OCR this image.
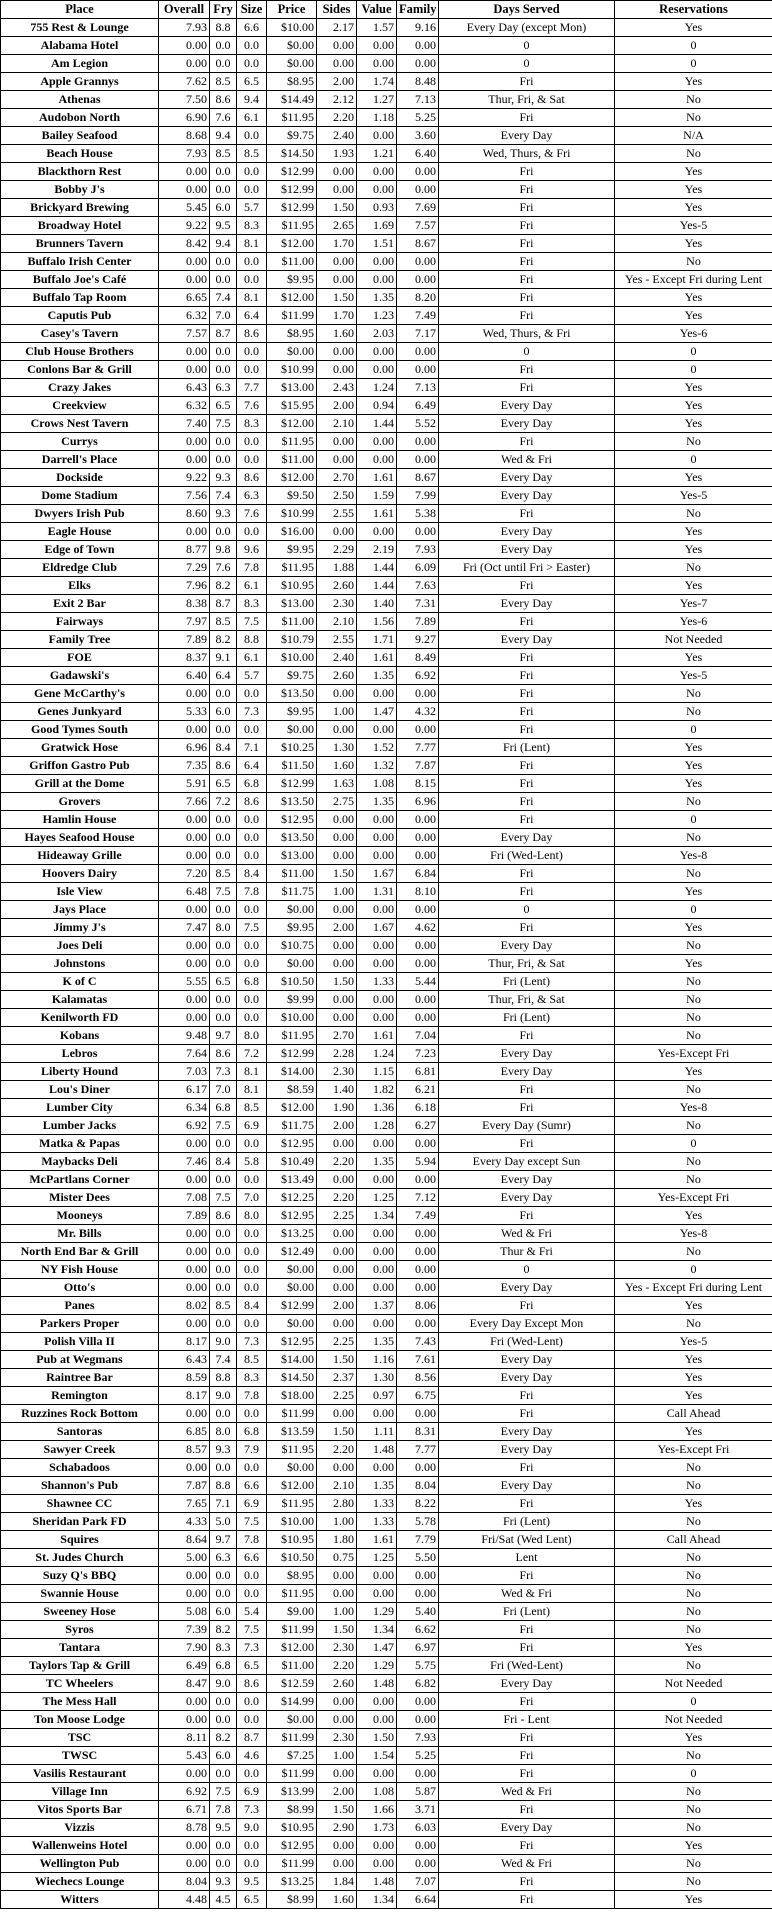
Place	Overall	Fry	Size	Price	Sides	Value	Family	Days Served	Reservations
755 Rest & Lounge	7.93	8.8	6.6	$10.00	2.17	1.57	9.16	Every Day (except Mon)	Yes
Alabama Hotel	0.00	0.0	0.0	$0.00	0.00	0.00	0.00	0	0
Am Legion	0.00	0.0	0.0	$0.00	0.00	0.00	0.00	0	0
Apple Grannys	7.62	8.5	6.5	$8.95	2.00	1.74	8.48	Fri	Yes
Athenas	7.50	8.6	9.4	$14.49	2.12	1.27	7.13	Thur, Fri, & Sat	No
Audobon North	6.90	7.6	6.1	$11.95	2.20	1.18	5.25	Fri	No
Bailey Seafood	8.68	9.4	0.0	$9.75	2.40	0.00	3.60	Every Day	N/A
Beach House	7.93	8.5	8.5	$14.50	1.93	1.21	6.40	Wed, Thurs, & Fri	No
Blackthorn Rest	0.00	0.0	0.0	$12.99	0.00	0.00	0.00	Fri	Yes
Bobby J's	0.00	0.0	0.0	$12.99	0.00	0.00	0.00	Fri	Yes
Brickyard Brewing	5.45	6.0	5.7	$12.99	1.50	0.93	7.69	Fri	Yes
Broadway Hotel	9.22	9.5	8.3	$11.95	2.65	1.69	7.57	Fri	Yes-5
Brunners Tavern	8.42	9.4	8.1	$12.00	1.70	1.51	8.67	Fri	Yes
Buffalo Irish Center	0.00	0.0	0.0	$11.00	0.00	0.00	0.00	Fri	No
Buffalo Joe's Café	0.00	0.0	0.0	$9.95	0.00	0.00	0.00	Fri	Yes - Except Fri during Lent
Buffalo Tap Room	6.65	7.4	8.1	$12.00	1.50	1.35	8.20	Fri	Yes
Caputis Pub	6.32	7.0	6.4	$11.99	1.70	1.23	7.49	Fri	Yes
Casey's Tavern	7.57	8.7	8.6	$8.95	1.60	2.03	7.17	Wed, Thurs, & Fri	Yes-6
Club House Brothers	0.00	0.0	0.0	$0.00	0.00	0.00	0.00	0	0
Conlons Bar & Grill	0.00	0.0	0.0	$10.99	0.00	0.00	0.00	Fri	0
Crazy Jakes	6.43	6.3	7.7	$13.00	2.43	1.24	7.13	Fri	Yes
Creekview	6.32	6.5	7.6	$15.95	2.00	0.94	6.49	Every Day	Yes
Crows Nest Tavern	7.40	7.5	8.3	$12.00	2.10	1.44	5.52	Every Day	Yes
Currys	0.00	0.0	0.0	$11.95	0.00	0.00	0.00	Fri	No
Darrell's Place	0.00	0.0	0.0	$11.00	0.00	0.00	0.00	Wed & Fri	0
Dockside	9.22	9.3	8.6	$12.00	2.70	1.61	8.67	Every Day	Yes
Dome Stadium	7.56	7.4	6.3	$9.50	2.50	1.59	7.99	Every Day	Yes-5
Dwyers Irish Pub	8.60	9.3	7.6	$10.99	2.55	1.61	5.38	Fri	No
Eagle House	0.00	0.0	0.0	$16.00	0.00	0.00	0.00	Every Day	Yes
Edge of Town	8.77	9.8	9.6	$9.95	2.29	2.19	7.93	Every Day	Yes
Eldredge Club	7.29	7.6	7.8	$11.95	1.88	1.44	6.09	Fri (Oct until Fri > Easter)	No
Elks	7.96	8.2	6.1	$10.95	2.60	1.44	7.63	Fri	Yes
Exit 2 Bar	8.38	8.7	8.3	$13.00	2.30	1.40	7.31	Every Day	Yes-7
Fairways	7.97	8.5	7.5	$11.00	2.10	1.56	7.89	Fri	Yes-6
Family Tree	7.89	8.2	8.8	$10.79	2.55	1.71	9.27	Every Day	Not Needed
FOE	8.37	9.1	6.1	$10.00	2.40	1.61	8.49	Fri	Yes
Gadawski's	6.40	6.4	5.7	$9.75	2.60	1.35	6.92	Fri	Yes-5
Gene McCarthy's	0.00	0.0	0.0	$13.50	0.00	0.00	0.00	Fri	No
Genes Junkyard	5.33	6.0	7.3	$9.95	1.00	1.47	4.32	Fri	No
Good Tymes South	0.00	0.0	0.0	$0.00	0.00	0.00	0.00	Fri	0
Gratwick Hose	6.96	8.4	7.1	$10.25	1.30	1.52	7.77	Fri (Lent)	Yes
Griffon Gastro Pub	7.35	8.6	6.4	$11.50	1.60	1.32	7.87	Fri	Yes
Grill at the Dome	5.91	6.5	6.8	$12.99	1.63	1.08	8.15	Fri	Yes
Grovers	7.66	7.2	8.6	$13.50	2.75	1.35	6.96	Fri	No
Hamlin House	0.00	0.0	0.0	$12.95	0.00	0.00	0.00	Fri	0
Hayes Seafood House	0.00	0.0	0.0	$13.50	0.00	0.00	0.00	Every Day	No
Hideaway Grille	0.00	0.0	0.0	$13.00	0.00	0.00	0.00	Fri (Wed-Lent)	Yes-8
Hoovers Dairy	7.20	8.5	8.4	$11.00	1.50	1.67	6.84	Fri	No
Isle View	6.48	7.5	7.8	$11.75	1.00	1.31	8.10	Fri	Yes
Jays Place	0.00	0.0	0.0	$0.00	0.00	0.00	0.00	0	0
Jimmy J's	7.47	8.0	7.5	$9.95	2.00	1.67	4.62	Fri	Yes
Joes Deli	0.00	0.0	0.0	$10.75	0.00	0.00	0.00	Every Day	No
Johnstons	0.00	0.0	0.0	$0.00	0.00	0.00	0.00	Thur, Fri, & Sat	Yes
K of C	5.55	6.5	6.8	$10.50	1.50	1.33	5.44	Fri (Lent)	No
Kalamatas	0.00	0.0	0.0	$9.99	0.00	0.00	0.00	Thur, Fri, & Sat	No
Kenilworth FD	0.00	0.0	0.0	$10.00	0.00	0.00	0.00	Fri (Lent)	No
Kobans	9.48	9.7	8.0	$11.95	2.70	1.61	7.04	Fri	No
Lebros	7.64	8.6	7.2	$12.99	2.28	1.24	7.23	Every Day	Yes-Except Fri
Liberty Hound	7.03	7.3	8.1	$14.00	2.30	1.15	6.81	Every Day	Yes
Lou's Diner	6.17	7.0	8.1	$8.59	1.40	1.82	6.21	Fri	No
Lumber City	6.34	6.8	8.5	$12.00	1.90	1.36	6.18	Fri	Yes-8
Lumber Jacks	6.92	7.5	6.9	$11.75	2.00	1.28	6.27	Every Day (Sumr)	No
Matka & Papas	0.00	0.0	0.0	$12.95	0.00	0.00	0.00	Fri	0
Maybacks Deli	7.46	8.4	5.8	$10.49	2.20	1.35	5.94	Every Day except Sun	No
McPartlans Corner	0.00	0.0	0.0	$13.49	0.00	0.00	0.00	Every Day	No
Mister Dees	7.08	7.5	7.0	$12.25	2.20	1.25	7.12	Every Day	Yes-Except Fri
Mooneys	7.89	8.6	8.0	$12.95	2.25	1.34	7.49	Fri	Yes
Mr. Bills	0.00	0.0	0.0	$13.25	0.00	0.00	0.00	Wed & Fri	Yes-8
North End Bar & Grill	0.00	0.0	0.0	$12.49	0.00	0.00	0.00	Thur & Fri	No
NY Fish House	0.00	0.0	0.0	$0.00	0.00	0.00	0.00	0	0
Otto's	0.00	0.0	0.0	$0.00	0.00	0.00	0.00	Every Day	Yes - Except Fri during Lent
Panes	8.02	8.5	8.4	$12.99	2.00	1.37	8.06	Fri	Yes
Parkers Proper	0.00	0.0	0.0	$0.00	0.00	0.00	0.00	Every Day Except Mon	No
Polish Villa II	8.17	9.0	7.3	$12.95	2.25	1.35	7.43	Fri (Wed-Lent)	Yes-5
Pub at Wegmans	6.43	7.4	8.5	$14.00	1.50	1.16	7.61	Every Day	Yes
Raintree Bar	8.59	8.8	8.3	$14.50	2.37	1.30	8.56	Every Day	Yes
Remington	8.17	9.0	7.8	$18.00	2.25	0.97	6.75	Fri	Yes
Ruzzines Rock Bottom	0.00	0.0	0.0	$11.99	0.00	0.00	0.00	Fri	Call Ahead
Santoras	6.85	8.0	6.8	$13.59	1.50	1.11	8.31	Every Day	Yes
Sawyer Creek	8.57	9.3	7.9	$11.95	2.20	1.48	7.77	Every Day	Yes-Except Fri
Schabadoos	0.00	0.0	0.0	$0.00	0.00	0.00	0.00	Fri	No
Shannon's Pub	7.87	8.8	6.6	$12.00	2.10	1.35	8.04	Every Day	No
Shawnee CC	7.65	7.1	6.9	$11.95	2.80	1.33	8.22	Fri	Yes
Sheridan Park FD	4.33	5.0	7.5	$10.00	1.00	1.33	5.78	Fri (Lent)	No
Squires	8.64	9.7	7.8	$10.95	1.80	1.61	7.79	Fri/Sat (Wed Lent)	Call Ahead
St. Judes Church	5.00	6.3	6.6	$10.50	0.75	1.25	5.50	Lent	No
Suzy Q's BBQ	0.00	0.0	0.0	$8.95	0.00	0.00	0.00	Fri	No
Swannie House	0.00	0.0	0.0	$11.95	0.00	0.00	0.00	Wed & Fri	No
Sweeney Hose	5.08	6.0	5.4	$9.00	1.00	1.29	5.40	Fri (Lent)	No
Syros	7.39	8.2	7.5	$11.99	1.50	1.34	6.62	Fri	No
Tantara	7.90	8.3	7.3	$12.00	2.30	1.47	6.97	Fri	Yes
Taylors Tap & Grill	6.49	6.8	6.5	$11.00	2.20	1.29	5.75	Fri (Wed-Lent)	No
TC Wheelers	8.47	9.0	8.6	$12.59	2.60	1.48	6.82	Every Day	Not Needed
The Mess Hall	0.00	0.0	0.0	$14.99	0.00	0.00	0.00	Fri	0
Ton Moose Lodge	0.00	0.0	0.0	$0.00	0.00	0.00	0.00	Fri - Lent	Not Needed
TSC	8.11	8.2	8.7	$11.99	2.30	1.50	7.93	Fri	Yes
TWSC	5.43	6.0	4.6	$7.25	1.00	1.54	5.25	Fri	No
Vasilis Restaurant	0.00	0.0	0.0	$11.99	0.00	0.00	0.00	Fri	0
Village Inn	6.92	7.5	6.9	$13.99	2.00	1.08	5.87	Wed & Fri	No
Vitos Sports Bar	6.71	7.8	7.3	$8.99	1.50	1.66	3.71	Fri	No
Vizzis	8.78	9.5	9.0	$10.95	2.90	1.73	6.03	Every Day	No
Wallenweins Hotel	0.00	0.0	0.0	$12.95	0.00	0.00	0.00	Fri	Yes
Wellington Pub	0.00	0.0	0.0	$11.99	0.00	0.00	0.00	Wed & Fri	No
Wiechecs Lounge	8.04	9.3	9.5	$13.25	1.84	1.48	7.07	Fri	No
Witters	4.48	4.5	6.5	$8.99	1.60	1.34	6.64	Fri	Yes
